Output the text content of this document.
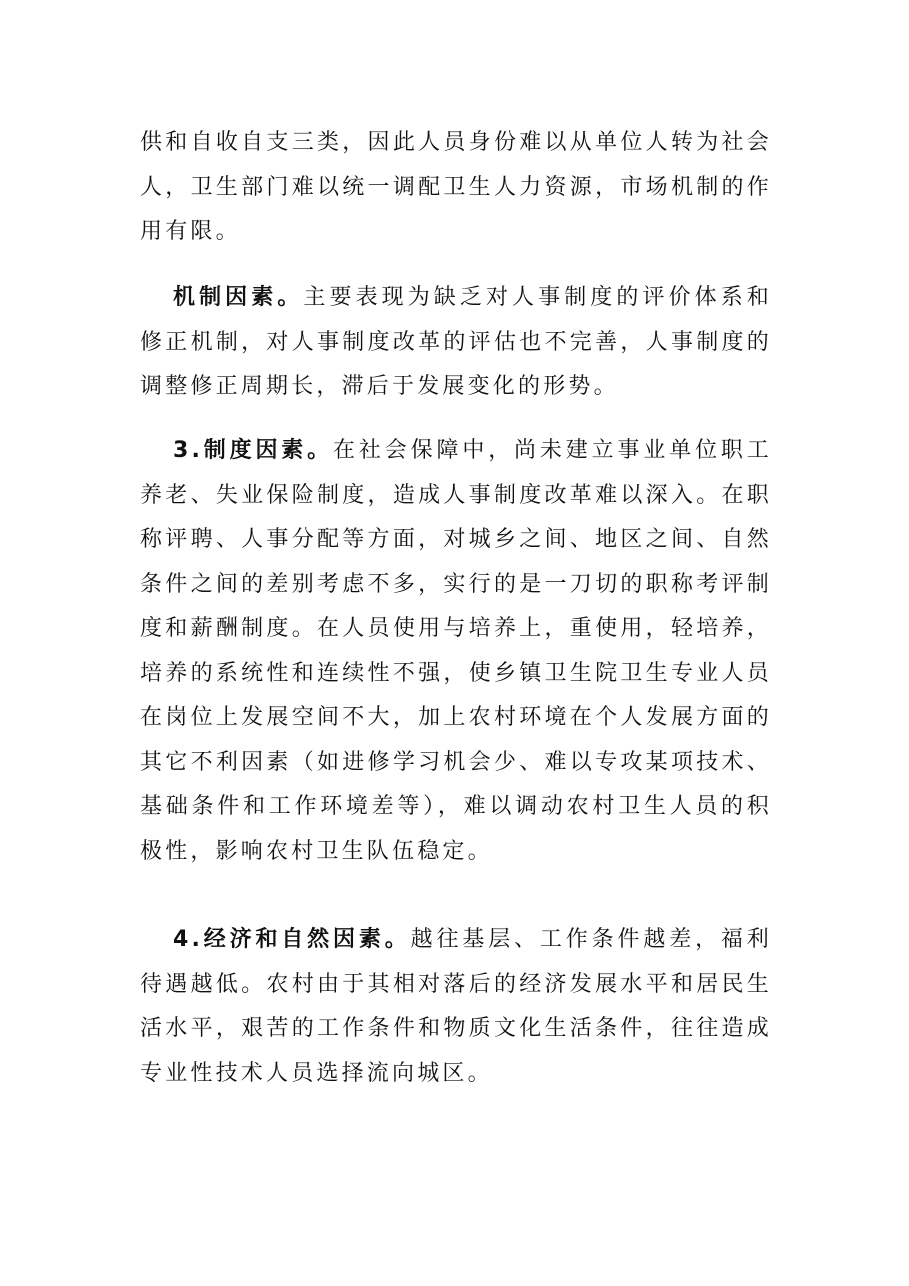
供和自收自支三类，因此人员身份难以从单位人转为社会人，卫生部门难以统一调配卫生人力资源，市场机制的作用有限。

机制因素。主要表现为缺乏对人事制度的评价体系和修正机制，对人事制度改革的评估也不完善，人事制度的调整修正周期长，滞后于发展变化的形势。

3.制度因素。在社会保障中，尚未建立事业单位职工养老、失业保险制度，造成人事制度改革难以深入。在职称评聘、人事分配等方面，对城乡之间、地区之间、自然条件之间的差别考虑不多，实行的是一刀切的职称考评制度和薪酬制度。在人员使用与培养上，重使用，轻培养，培养的系统性和连续性不强，使乡镇卫生院卫生专业人员在岗位上发展空间不大，加上农村环境在个人发展方面的其它不利因素（如进修学习机会少、难以专攻某项技术、基础条件和工作环境差等），难以调动农村卫生人员的积极性，影响农村卫生队伍稳定。

4.经济和自然因素。越往基层、工作条件越差，福利待遇越低。农村由于其相对落后的经济发展水平和居民生活水平，艰苦的工作条件和物质文化生活条件，往往造成专业性技术人员选择流向城区。
